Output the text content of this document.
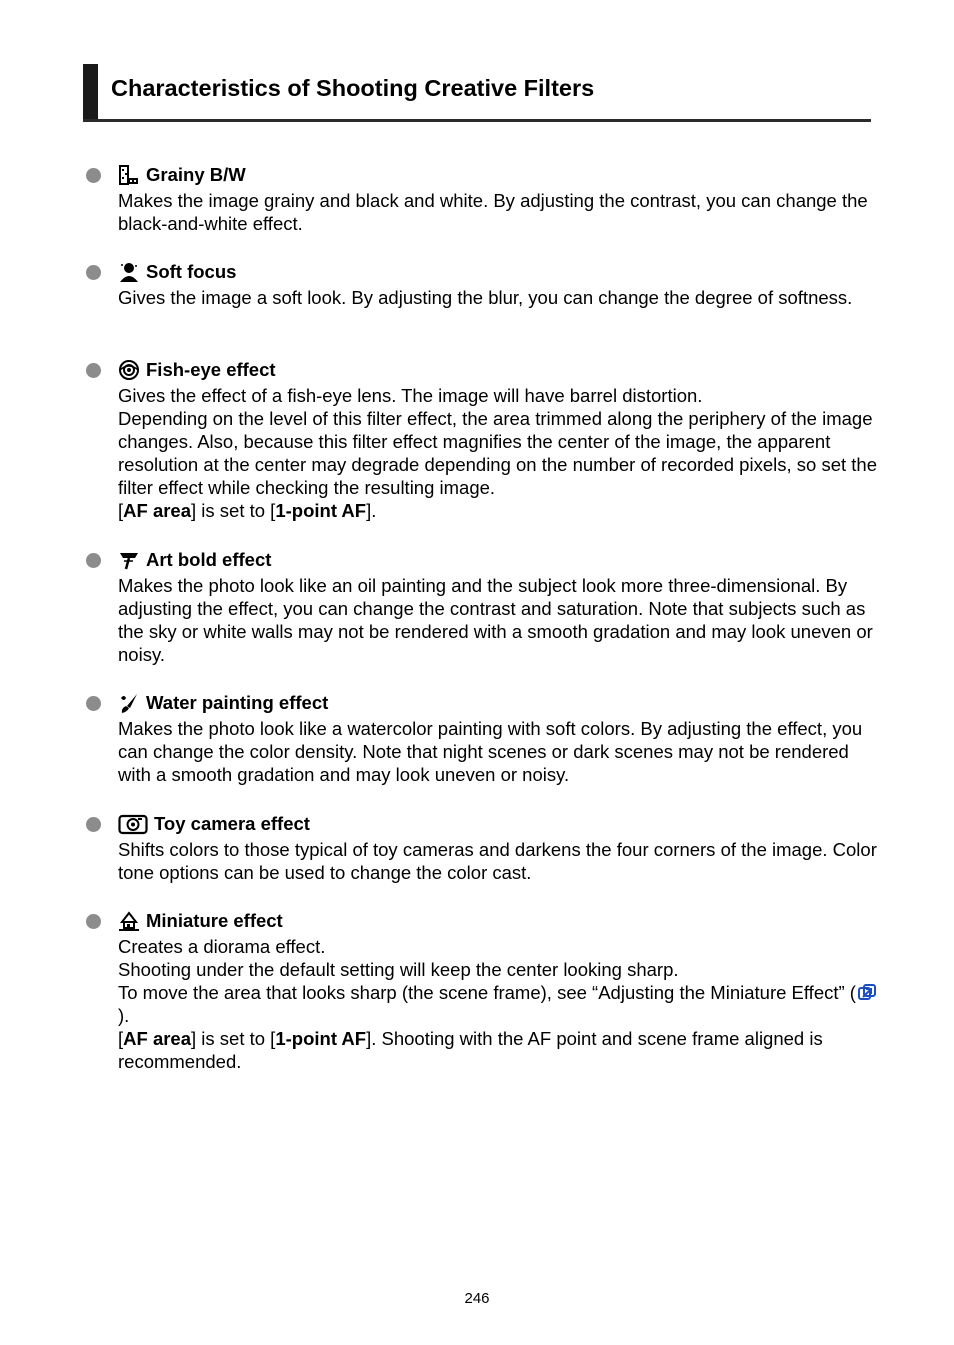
Characteristics of Shooting Creative Filters
Grainy B/W

Makes the image grainy and black and white. By adjusting the contrast, you can change the black-and-white effect.

Soft focus

Gives the image a soft look. By adjusting the blur, you can change the degree of softness.

Fish-eye effect

Gives the effect of a fish-eye lens. The image will have barrel distortion.

Depending on the level of this filter effect, the area trimmed along the periphery of the image changes. Also, because this filter effect magnifies the center of the image, the apparent resolution at the center may degrade depending on the number of recorded pixels, so set the filter effect while checking the resulting image.

[AF area] is set to [1-point AF].

Art bold effect

Makes the photo look like an oil painting and the subject look more three-dimensional. By adjusting the effect, you can change the contrast and saturation. Note that subjects such as the sky or white walls may not be rendered with a smooth gradation and may look uneven or noisy.

Water painting effect

Makes the photo look like a watercolor painting with soft colors. By adjusting the effect, you can change the color density. Note that night scenes or dark scenes may not be rendered with a smooth gradation and may look uneven or noisy.

Toy camera effect

Shifts colors to those typical of toy cameras and darkens the four corners of the image. Color tone options can be used to change the color cast.

Miniature effect

Creates a diorama effect.

Shooting under the default setting will keep the center looking sharp.

To move the area that looks sharp (the scene frame), see “Adjusting the Miniature Effect” ().

[AF area] is set to [1-point AF]. Shooting with the AF point and scene frame aligned is recommended.

246
